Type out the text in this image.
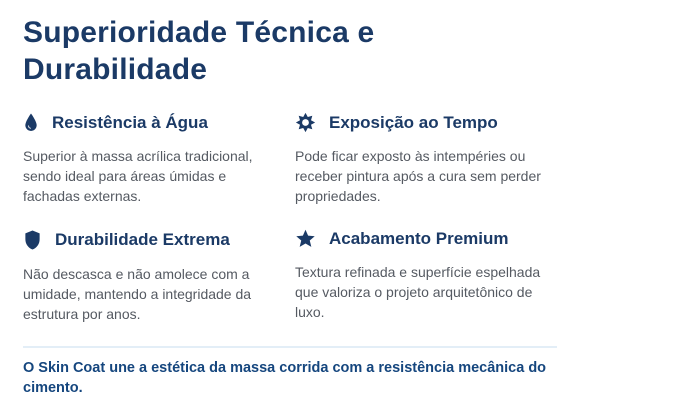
Superioridade Técnica e Durabilidade
Resistência à Água

Superior à massa acrílica tradicional, sendo ideal para áreas úmidas e fachadas externas.

Exposição ao Tempo

Pode ficar exposto às intempéries ou receber pintura após a cura sem perder propriedades.

Durabilidade Extrema

Não descasca e não amolece com a umidade, mantendo a integridade da estrutura por anos.

Acabamento Premium

Textura refinada e superfície espelhada que valoriza o projeto arquitetônico de luxo.

O Skin Coat une a estética da massa corrida com a resistência mecânica do cimento.
